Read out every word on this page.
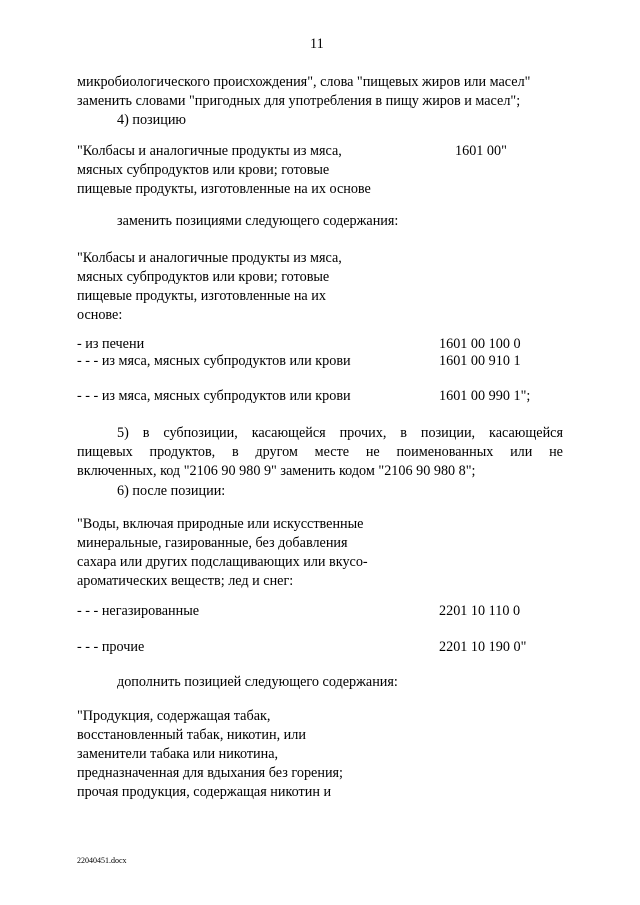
11
микробиологического происхождения", слова "пищевых жиров или масел"
заменить словами "пригодных для употребления в пищу жиров и масел";
4) позицию
"Колбасы и аналогичные продукты из мяса,
мясных субпродуктов или крови; готовые
пищевые продукты, изготовленные на их основе
1601 00"
заменить позициями следующего содержания:
"Колбасы и аналогичные продукты из мяса,
мясных субпродуктов или крови; готовые
пищевые продукты, изготовленные на их
основе:
- из печени	1601 00 100 0
- - - из мяса, мясных субпродуктов или крови	1601 00 910 1
- - - из мяса, мясных субпродуктов или крови	1601 00 990 1";
5) в субпозиции, касающейся прочих, в позиции, касающейся
пищевых продуктов, в другом месте не поименованных или не
включенных, код "2106 90 980 9" заменить кодом "2106 90 980 8";
6) после позиции:
"Воды, включая природные или искусственные
минеральные, газированные, без добавления
сахара или других подслащивающих или вкусо-
ароматических веществ; лед и снег:
- - - негазированные	2201 10 110 0
- - - прочие	2201 10 190 0"
дополнить позицией следующего содержания:
"Продукция, содержащая табак,
восстановленный табак, никотин, или
заменители табака или никотина,
предназначенная для вдыхания без горения;
прочая продукция, содержащая никотин и
22040451.docx
